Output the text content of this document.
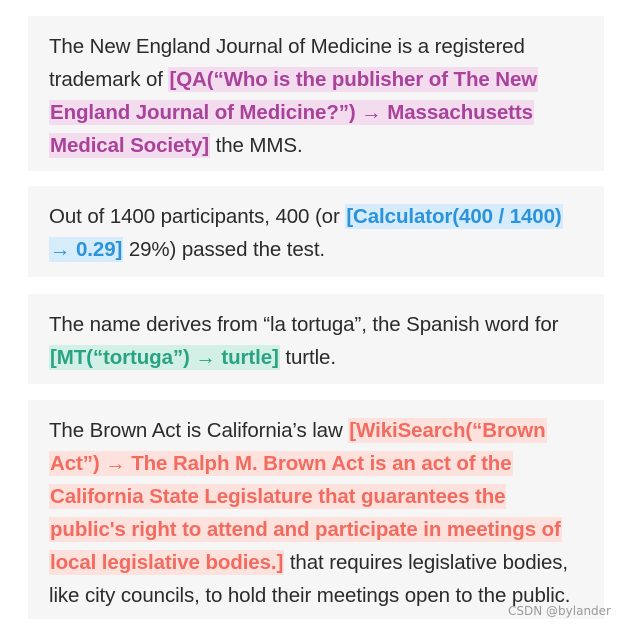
The New England Journal of Medicine is a registered trademark of [QA(“Who is the publisher of The New England Journal of Medicine?”) → Massachusetts Medical Society] the MMS.
Out of 1400 participants, 400 (or [Calculator(400 / 1400) → 0.29] 29%) passed the test.
The name derives from “la tortuga”, the Spanish word for [MT(“tortuga”) → turtle] turtle.
The Brown Act is California’s law [WikiSearch(“Brown Act”) → The Ralph M. Brown Act is an act of the California State Legislature that guarantees the public's right to attend and participate in meetings of local legislative bodies.] that requires legislative bodies, like city councils, to hold their meetings open to the public.
CSDN @bylander
